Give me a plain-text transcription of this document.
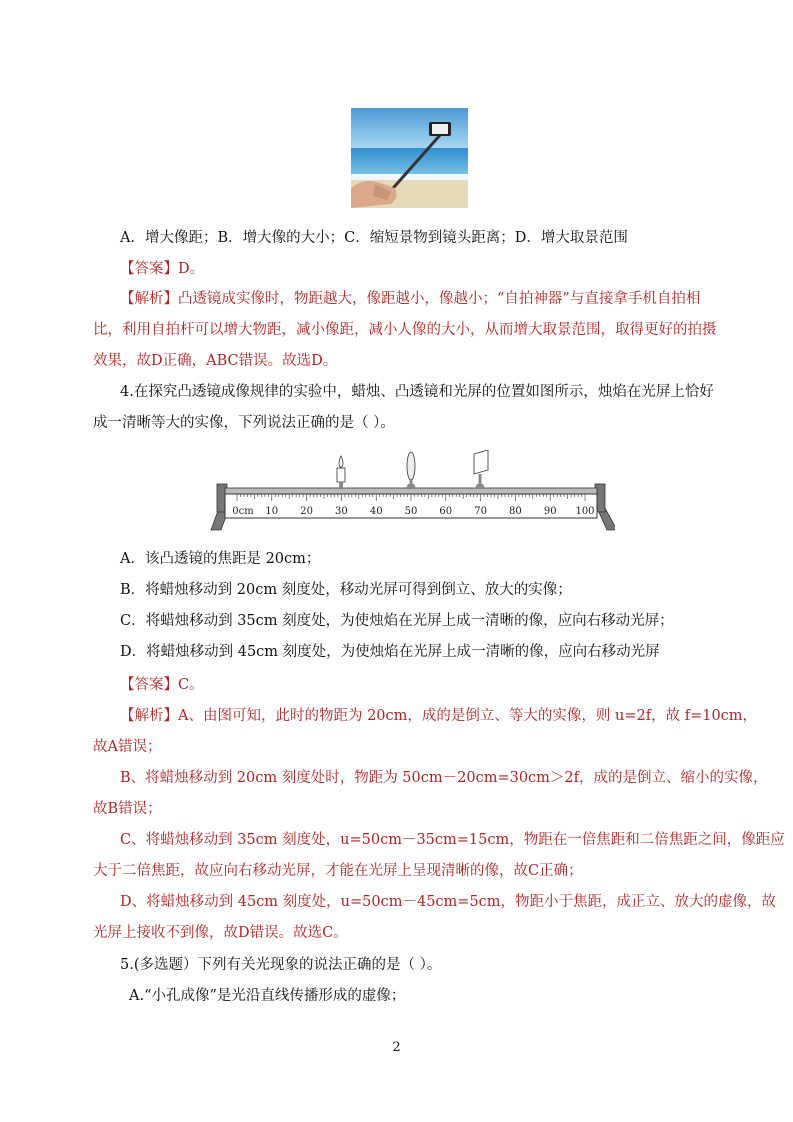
A．增大像距；B．增大像的大小；C．缩短景物到镜头距离；D．增大取景范围
【答案】D。
【解析】凸透镜成实像时，物距越大，像距越小，像越小；“自拍神器”与直接拿手机自拍相
比，利用自拍杆可以增大物距，减小像距，减小人像的大小，从而增大取景范围，取得更好的拍摄
效果，故D正确，ABC错误。故选D。
4.在探究凸透镜成像规律的实验中，蜡烛、凸透镜和光屏的位置如图所示，烛焰在光屏上恰好
成一清晰等大的实像，下列说法正确的是（ ）。
0cm 10 20 30 40 50 60 70 80 90 100
A．该凸透镜的焦距是 20cm；
B．将蜡烛移动到 20cm 刻度处，移动光屏可得到倒立、放大的实像；
C．将蜡烛移动到 35cm 刻度处，为使烛焰在光屏上成一清晰的像，应向右移动光屏；
D．将蜡烛移动到 45cm 刻度处，为使烛焰在光屏上成一清晰的像，应向右移动光屏
【答案】C。
【解析】A、由图可知，此时的物距为 20cm，成的是倒立、等大的实像，则 u=2f，故 f=10cm，
故A错误；
B、将蜡烛移动到 20cm 刻度处时，物距为 50cm－20cm=30cm＞2f，成的是倒立、缩小的实像，
故B错误；
C、将蜡烛移动到 35cm 刻度处，u=50cm－35cm=15cm，物距在一倍焦距和二倍焦距之间，像距应
大于二倍焦距，故应向右移动光屏，才能在光屏上呈现清晰的像，故C正确；
D、将蜡烛移动到 45cm 刻度处，u=50cm－45cm=5cm，物距小于焦距，成正立、放大的虚像，故
光屏上接收不到像，故D错误。故选C。
5.(多选题）下列有关光现象的说法正确的是（ ）。
A.“小孔成像”是光沿直线传播形成的虚像；
2
